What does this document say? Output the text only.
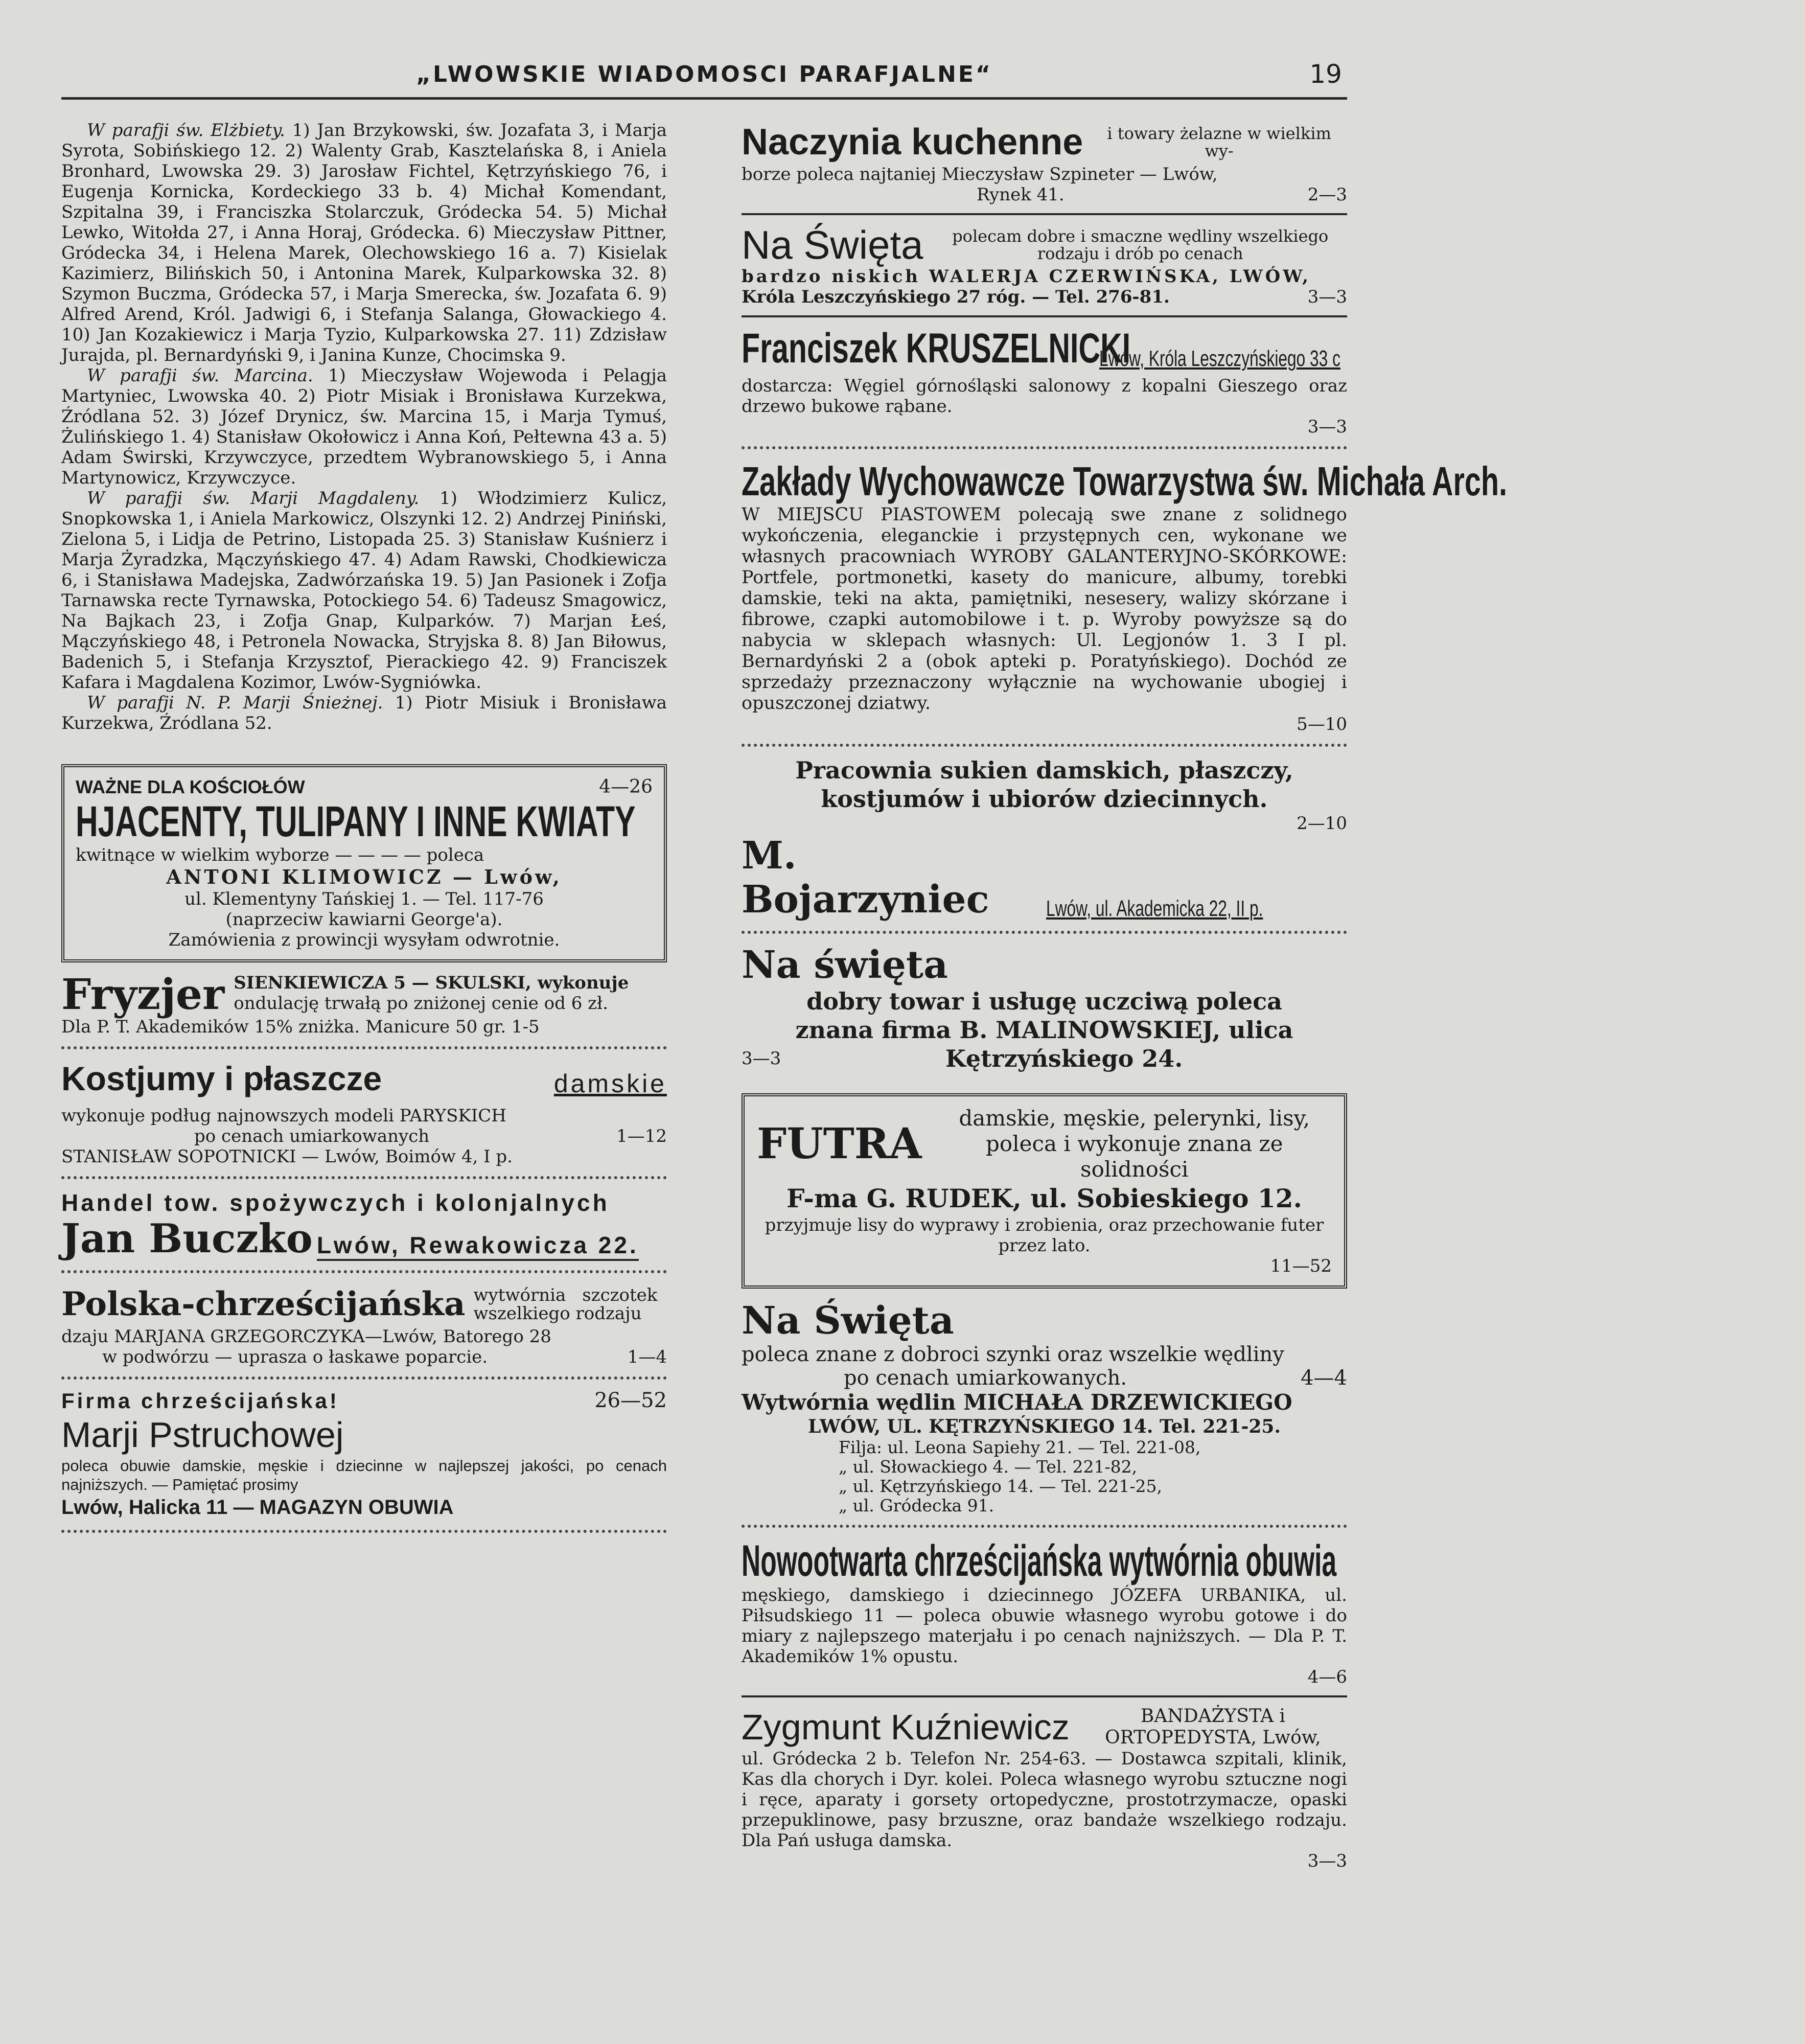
„LWOWSKIE WIADOMOSCI PARAFJALNE“	19

W parafji św. Elżbiety. 1) Jan Brzykowski, św. Jozafata 3, i Marja Syrota, Sobińskiego 12. 2) Walenty Grab, Kasztelańska 8, i Aniela Bronhard, Lwowska 29. 3) Jarosław Fichtel, Kętrzyńskiego 76, i Eugenja Kornicka, Kordeckiego 33 b. 4) Michał Komendant, Szpitalna 39, i Franciszka Stolarczuk, Gródecka 54. 5) Michał Lewko, Witołda 27, i Anna Horaj, Gródecka. 6) Mieczysław Pittner, Gródecka 34, i Helena Marek, Olechowskiego 16 a. 7) Kisielak Kazimierz, Bilińskich 50, i Antonina Marek, Kulparkowska 32. 8) Szymon Buczma, Gródecka 57, i Marja Smerecka, św. Jozafata 6. 9) Alfred Arend, Król. Jadwigi 6, i Stefanja Salanga, Głowackiego 4. 10) Jan Kozakiewicz i Marja Tyzio, Kulparkowska 27. 11) Zdzisław Jurajda, pl. Bernardyński 9, i Janina Kunze, Chocimska 9.

W parafji św. Marcina. 1) Mieczysław Wojewoda i Pelagja Martyniec, Lwowska 40. 2) Piotr Misiak i Bronisława Kurzekwa, Źródlana 52. 3) Józef Drynicz, św. Marcina 15, i Marja Tymuś, Żulińskiego 1. 4) Stanisław Okołowicz i Anna Koń, Pełtewna 43 a. 5) Adam Świrski, Krzywczyce, przedtem Wybranowskiego 5, i Anna Martynowicz, Krzywczyce.

W parafji św. Marji Magdaleny. 1) Włodzimierz Kulicz, Snopkowska 1, i Aniela Markowicz, Olszynki 12. 2) Andrzej Piniński, Zielona 5, i Lidja de Petrino, Listopada 25. 3) Stanisław Kuśnierz i Marja Żyradzka, Mączyńskiego 47. 4) Adam Rawski, Chodkiewicza 6, i Stanisława Madejska, Zadwórzańska 19. 5) Jan Pasionek i Zofja Tarnawska recte Tyrnawska, Potockiego 54. 6) Tadeusz Smagowicz, Na Bajkach 23, i Zofja Gnap, Kulparków. 7) Marjan Łeś, Mączyńskiego 48, i Petronela Nowacka, Stryjska 8. 8) Jan Biłowus, Badenich 5, i Stefanja Krzysztof, Pierackiego 42. 9) Franciszek Kafara i Magdalena Kozimor, Lwów-Sygniówka.

W parafji N. P. Marji Śnieżnej. 1) Piotr Misiuk i Bronisława Kurzekwa, Źródlana 52.

WAŻNE DLA KOŚCIOŁÓW	4—26
HJACENTY, TULIPANY I INNE KWIATY
kwitnące w wielkim wyborze — — — — poleca
ANTONI KLIMOWICZ — Lwów,
ul. Klementyny Tańskiej 1. — Tel. 117-76
(naprzeciw kawiarni George'a).
Zamówienia z prowincji wysyłam odwrotnie.
Fryzjer SIENKIEWICZA 5 — SKULSKI, wykonuje
ondulację trwałą po zniżonej cenie od 6 zł.
Dla P. T. Akademików 15% zniżka. Manicure 50 gr. 1-5
Kostjumy i płaszcze	damskie
wykonuje podług najnowszych modeli PARYSKICH
po cenach umiarkowanych	1—12
STANISŁAW SOPOTNICKI — Lwów, Boimów 4, I p.
Handel tow. spożywczych i kolonjalnych
Jan Buczko Lwów, Rewakowicza 22.
Polska-chrześcijańska wytwórnia szczotek wszelkiego rodzaju
dzaju MARJANA GRZEGORCZYKA—Lwów, Batorego 28
w podwórzu — uprasza o łaskawe poparcie.	1—4
Firma chrześcijańska!	26—52
Marji Pstruchowej
poleca obuwie damskie, męskie i dziecinne w najlepszej jakości, po cenach najniższych. — Pamiętać prosimy
Lwów, Halicka 11 — MAGAZYN OBUWIA
Naczynia kuchenne	i towary żelazne w wielkim wy-
borze poleca najtaniej Mieczysław Szpineter — Lwów,
Rynek 41.	2—3
Na Święta	polecam dobre i smaczne wędliny wszelkiego rodzaju i drób po cenach
bardzo niskich WALERJA CZERWIŃSKA, LWÓW,
Króla Leszczyńskiego 27 róg. — Tel. 276-81.	3—3
Franciszek KRUSZELNICKI
Lwów, Króla Leszczyńskiego 33 c
dostarcza: Węgiel górnośląski salonowy z kopalni Gieszego oraz drzewo bukowe rąbane.
3—3
Zakłady Wychowawcze Towarzystwa św. Michała Arch.
W MIEJSCU PIASTOWEM polecają swe znane z solidnego wykończenia, eleganckie i przystępnych cen, wykonane we własnych pracowniach WYROBY GALANTERYJNO-SKÓRKOWE: Portfele, portmonetki, kasety do manicure, albumy, torebki damskie, teki na akta, pamiętniki, nesesery, walizy skórzane i fibrowe, czapki automobilowe i t. p. Wyroby powyższe są do nabycia w sklepach własnych: Ul. Legjonów 1. 3 I pl. Bernardyński 2 a (obok apteki p. Poratyńskiego). Dochód ze sprzedaży przeznaczony wyłącznie na wychowanie ubogiej i opuszczonej dziatwy.
5—10
Pracownia sukien damskich, płaszczy, kostjumów i ubiorów dziecinnych.
2—10
M. Bojarzyniec	Lwów, ul. Akademicka 22, II p.
Na święta
dobry towar i usługę uczciwą poleca
znana firma B. MALINOWSKIEJ, ulica
3—3	Kętrzyńskiego 24.
FUTRA
damskie, męskie, pelerynki, lisy, poleca i wykonuje znana ze solidności
F-ma G. RUDEK, ul. Sobieskiego 12.
przyjmuje lisy do wyprawy i zrobienia, oraz przechowanie futer przez lato.
11—52
Na Święta
poleca znane z dobroci szynki oraz wszelkie wędliny
po cenach umiarkowanych.	4—4
Wytwórnia wędlin MICHAŁA DRZEWICKIEGO
LWÓW, UL. KĘTRZYŃSKIEGO 14. Tel. 221-25.
Filja: ul. Leona Sapiehy 21. — Tel. 221-08,
„ ul. Słowackiego 4. — Tel. 221-82,
„ ul. Kętrzyńskiego 14. — Tel. 221-25,
„ ul. Gródecka 91.
Nowootwarta chrześcijańska wytwórnia obuwia
męskiego, damskiego i dziecinnego JÓZEFA URBANIKA, ul. Piłsudskiego 11 — poleca obuwie własnego wyrobu gotowe i do miary z najlepszego materjału i po cenach najniższych. — Dla P. T. Akademików 1% opustu.
4—6
Zygmunt Kuźniewicz	BANDAŻYSTA i ORTOPEDYSTA, Lwów,
ul. Gródecka 2 b. Telefon Nr. 254-63. — Dostawca szpitali, klinik, Kas dla chorych i Dyr. kolei. Poleca własnego wyrobu sztuczne nogi i ręce, aparaty i gorsety ortopedyczne, prostotrzymacze, opaski przepuklinowe, pasy brzuszne, oraz bandaże wszelkiego rodzaju. Dla Pań usługa damska.
3—3
